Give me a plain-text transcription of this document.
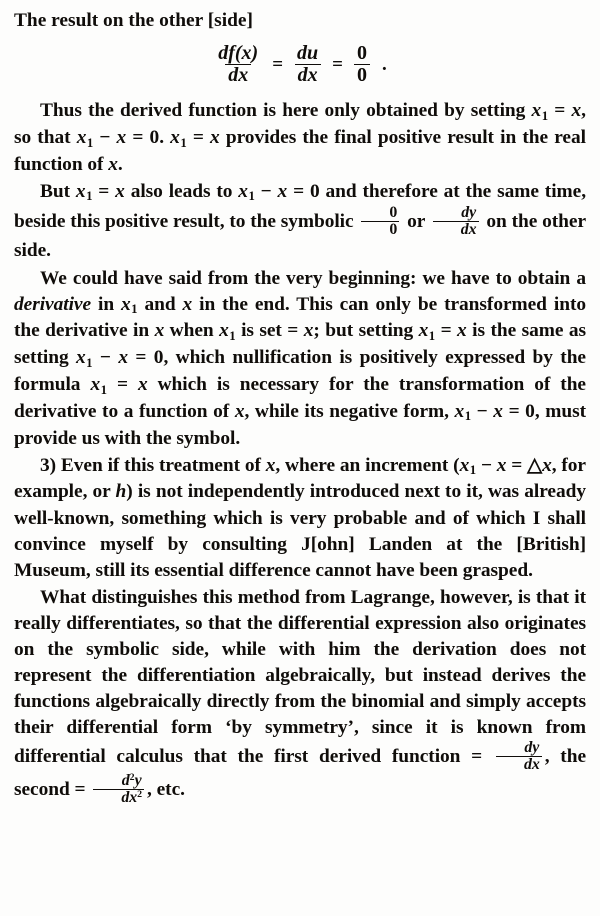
The result on the other [side]

$\frac{df(x)}{dx} = \frac{du}{dx} = \frac{0}{0}$ .

Thus the derived function is here only obtained by setting $x_1 = x$, so that $x_1 - x = 0$. $x_1 = x$ provides the final positive result in the real function of x.

But $x_1 = x$ also leads to $x_1 - x = 0$ and therefore at the same time, beside this positive result, to the symbolic $\frac{0}{0}$ or $\frac{dy}{dx}$ on the other side.

We could have said from the very beginning: we have to obtain a derivative in $x_1$ and x in the end. This can only be transformed into the derivative in x when $x_1$ is set = x; but setting $x_1 = x$ is the same as setting $x_1 - x = 0$, which nullification is positively expressed by the formula $x_1 = x$ which is necessary for the transformation of the derivative to a function of x, while its negative form, $x_1 - x = 0$, must provide us with the symbol.

3) Even if this treatment of x, where an increment ($x_1 - x$ = △x, for example, or h) is not independently introduced next to it, was already well-known, something which is very probable and of which I shall convince myself by consulting J[ohn] Landen at the [British] Museum, still its essential difference cannot have been grasped.

What distinguishes this method from Lagrange, however, is that it really differentiates, so that the differential expression also originates on the symbolic side, while with him the derivation does not represent the differentiation algebraically, but instead derives the functions algebraically directly from the binomial and simply accepts their differential form ‘by symmetry’, since it is known from differential calculus that the first derived function = $\frac{dy}{dx}$ , the second = $\frac{d^2y}{dx^2}$ , etc.
